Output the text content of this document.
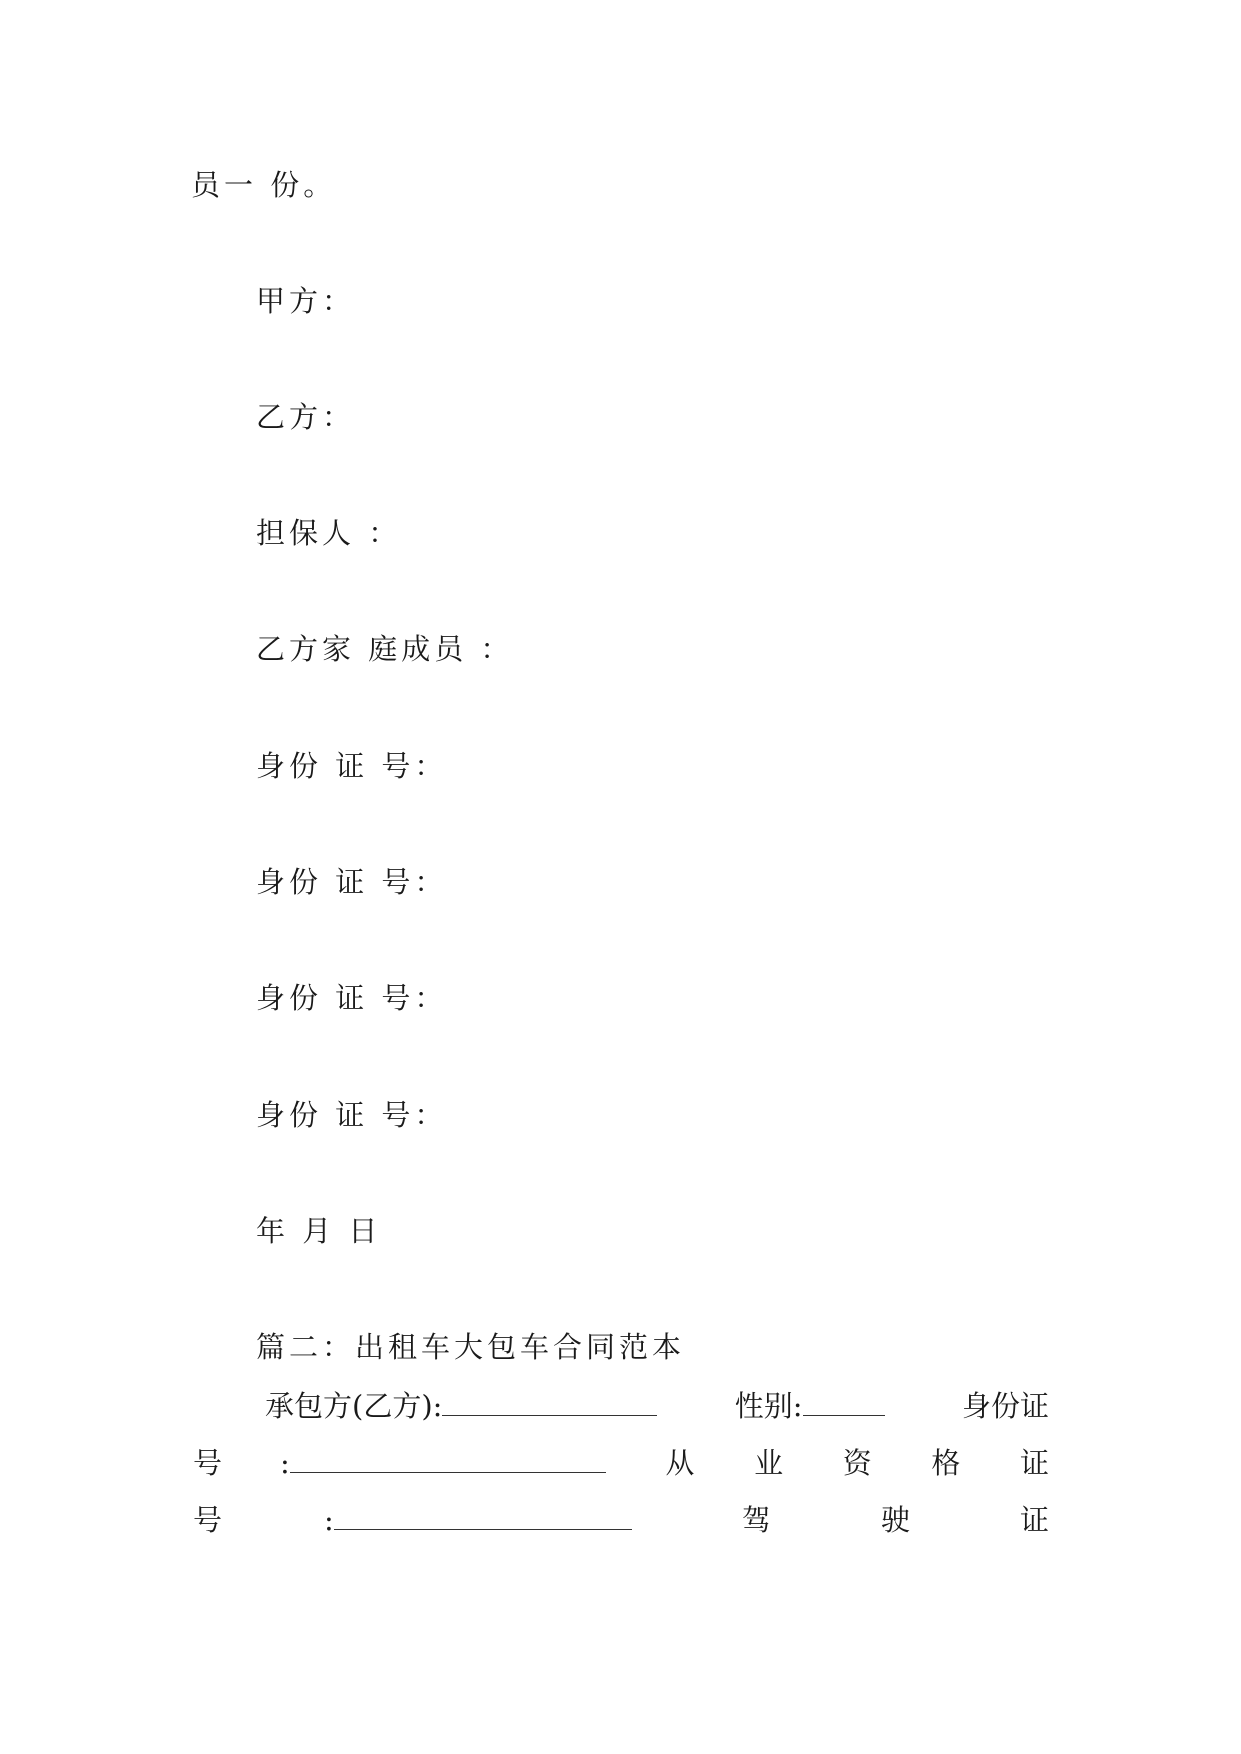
员一 份。
甲方：
乙方：
担保人 ：
乙方家 庭成员 ：
身份 证 号：
身份 证 号：
身份 证 号：
身份 证 号：
年 月 日
篇二：出租车大包车合同范本
承包方(乙方):	性别:	身份证
号 :	从 业 资 格 证
号	:	驾	驶	证
